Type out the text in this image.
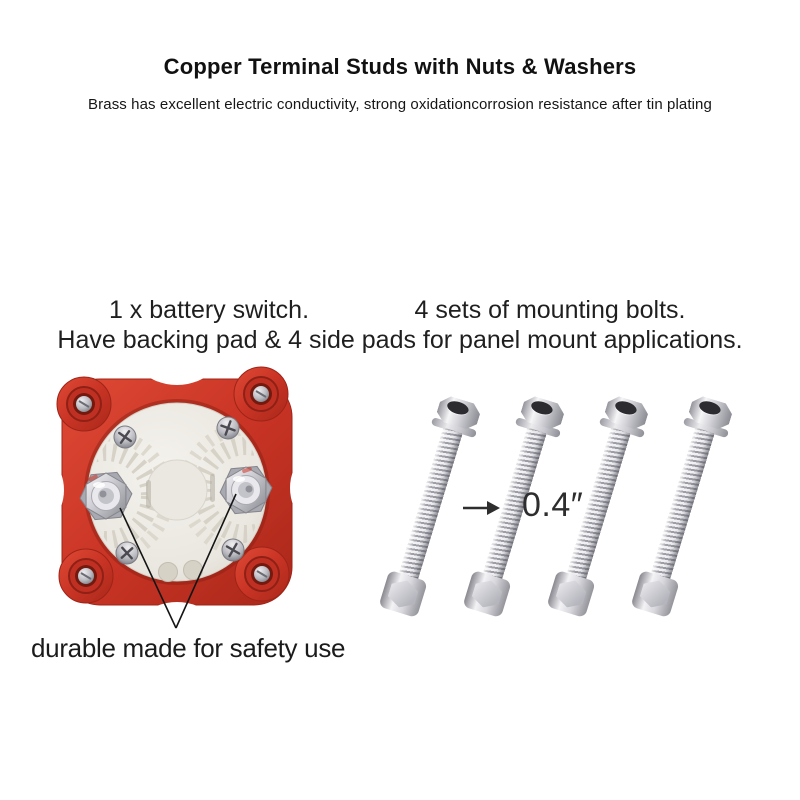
Copper Terminal Studs with Nuts & Washers
Brass has excellent electric conductivity, strong oxidationcorrosion resistance after tin plating
1 x battery switch.	4 sets of mounting bolts.
Have backing pad & 4 side pads for panel mount applications.
0.4″
durable made for safety use
